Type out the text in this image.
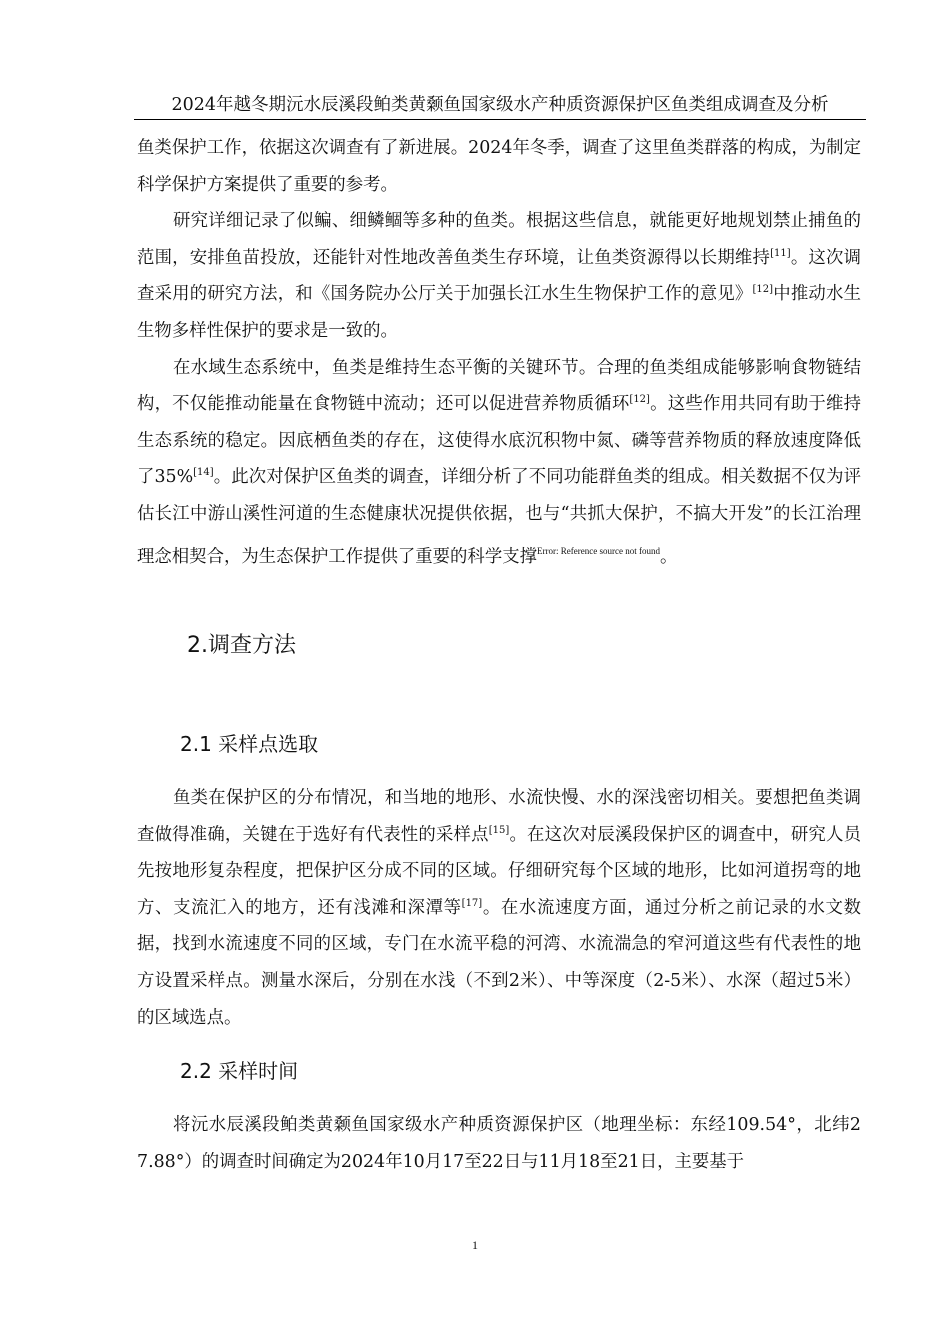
2024年越冬期沅水辰溪段鲌类黄颡鱼国家级水产种质资源保护区鱼类组成调查及分析

鱼类保护工作，依据这次调查有了新进展。2024年冬季，调查了这里鱼类群落的构成，为制定科学保护方案提供了重要的参考。

研究详细记录了似鳊、细鳞鲴等多种的鱼类。根据这些信息，就能更好地规划禁止捕鱼的范围，安排鱼苗投放，还能针对性地改善鱼类生存环境，让鱼类资源得以长期维持[11]。这次调查采用的研究方法，和《国务院办公厅关于加强长江水生生物保护工作的意见》[12]中推动水生生物多样性保护的要求是一致的。

在水域生态系统中，鱼类是维持生态平衡的关键环节。合理的鱼类组成能够影响食物链结构，不仅能推动能量在食物链中流动；还可以促进营养物质循环[12]。这些作用共同有助于维持生态系统的稳定。因底栖鱼类的存在，这使得水底沉积物中氮、磷等营养物质的释放速度降低了35%[14]。此次对保护区鱼类的调查，详细分析了不同功能群鱼类的组成。相关数据不仅为评估长江中游山溪性河道的生态健康状况提供依据，也与“共抓大保护，不搞大开发”的长江治理理念相契合，为生态保护工作提供了重要的科学支撑$^{Error: Reference source not found}$。

2.调查方法
2.1 采样点选取

鱼类在保护区的分布情况，和当地的地形、水流快慢、水的深浅密切相关。要想把鱼类调查做得准确，关键在于选好有代表性的采样点[15]。在这次对辰溪段保护区的调查中，研究人员先按地形复杂程度，把保护区分成不同的区域。仔细研究每个区域的地形，比如河道拐弯的地方、支流汇入的地方，还有浅滩和深潭等[17]。在水流速度方面，通过分析之前记录的水文数据，找到水流速度不同的区域，专门在水流平稳的河湾、水流湍急的窄河道这些有代表性的地方设置采样点。测量水深后，分别在水浅（不到2米）、中等深度（2-5米）、水深（超过5米）的区域选点。

2.2 采样时间

将沅水辰溪段鲌类黄颡鱼国家级水产种质资源保护区（地理坐标：东经109.54°，北纬27.88°）的调查时间确定为2024年10月17至22日与11月18至21日，主要基于

1
